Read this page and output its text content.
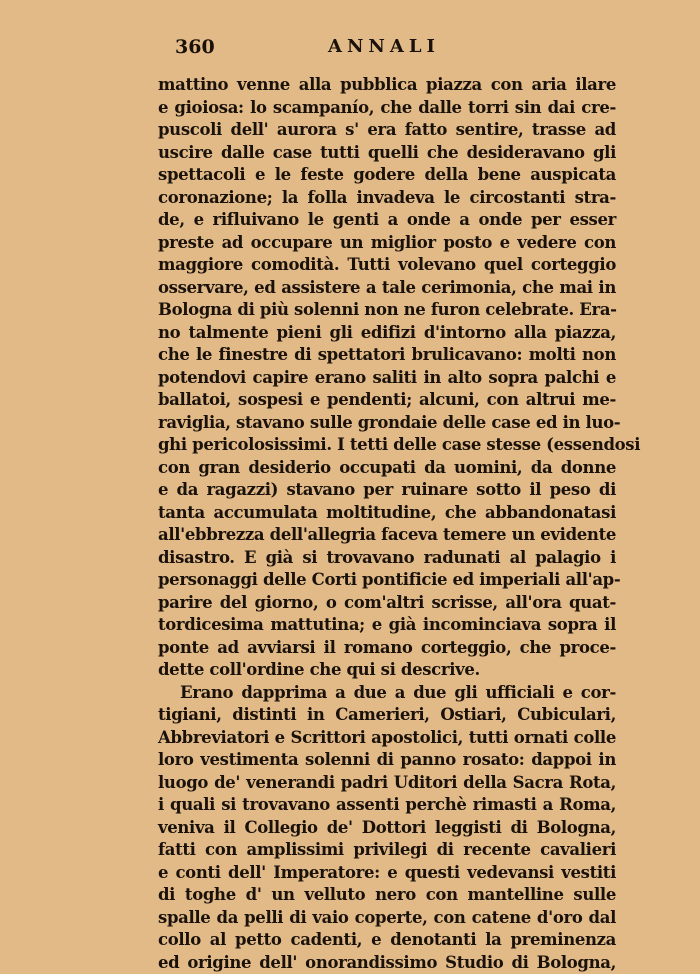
360	ANNALI
mattino venne alla pubblica piazza con aria ilare
e gioiosa: lo scampanío, che dalle torri sin dai cre-
puscoli dell' aurora s' era fatto sentire, trasse ad
uscire dalle case tutti quelli che desideravano gli
spettacoli e le feste godere della bene auspicata
coronazione; la folla invadeva le circostanti stra-
de, e rifluivano le genti a onde a onde per esser
preste ad occupare un miglior posto e vedere con
maggiore comodità. Tutti volevano quel corteggio
osservare, ed assistere a tale cerimonia, che mai in
Bologna di più solenni non ne furon celebrate. Era-
no talmente pieni gli edifizi d'intorno alla piazza,
che le finestre di spettatori brulicavano: molti non
potendovi capire erano saliti in alto sopra palchi e
ballatoi, sospesi e pendenti; alcuni, con altrui me-
raviglia, stavano sulle grondaie delle case ed in luo-
ghi pericolosissimi. I tetti delle case stesse (essendosi
con gran desiderio occupati da uomini, da donne
e da ragazzi) stavano per ruinare sotto il peso di
tanta accumulata moltitudine, che abbandonatasi
all'ebbrezza dell'allegria faceva temere un evidente
disastro. E già si trovavano radunati al palagio i
personaggi delle Corti pontificie ed imperiali all'ap-
parire del giorno, o com'altri scrisse, all'ora quat-
tordicesima mattutina; e già incominciava sopra il
ponte ad avviarsi il romano corteggio, che proce-
dette coll'ordine che qui si descrive.
Erano dapprima a due a due gli ufficiali e cor-
tigiani, distinti in Camerieri, Ostiari, Cubiculari,
Abbreviatori e Scrittori apostolici, tutti ornati colle
loro vestimenta solenni di panno rosato: dappoi in
luogo de' venerandi padri Uditori della Sacra Rota,
i quali si trovavano assenti perchè rimasti a Roma,
veniva il Collegio de' Dottori leggisti di Bologna,
fatti con amplissimi privilegi di recente cavalieri
e conti dell' Imperatore: e questi vedevansi vestiti
di toghe d' un velluto nero con mantelline sulle
spalle da pelli di vaio coperte, con catene d'oro dal
collo al petto cadenti, e denotanti la preminenza
ed origine dell' onorandissimo Studio di Bologna,
